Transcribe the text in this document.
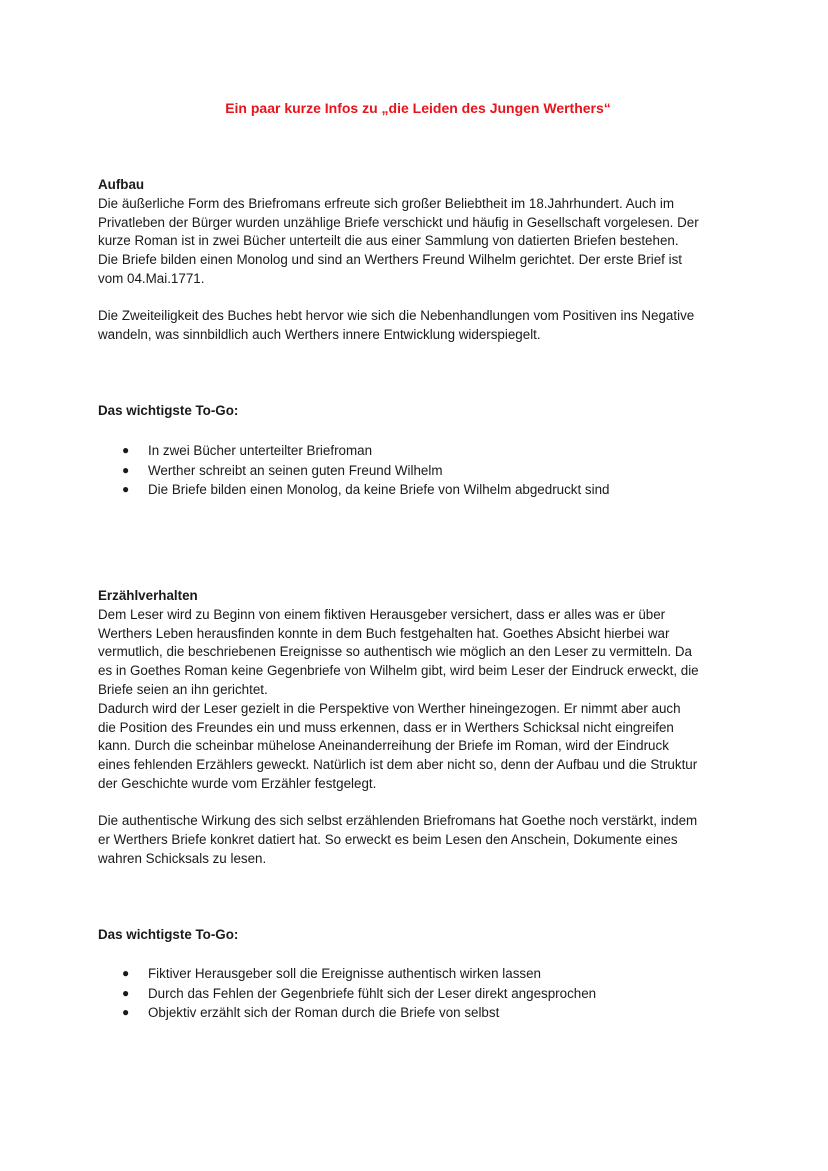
Ein paar kurze Infos zu „die Leiden des Jungen Werthers“

Aufbau

Die äußerliche Form des Briefromans erfreute sich großer Beliebtheit im 18.Jahrhundert. Auch im
Privatleben der Bürger wurden unzählige Briefe verschickt und häufig in Gesellschaft vorgelesen. Der
kurze Roman ist in zwei Bücher unterteilt die aus einer Sammlung von datierten Briefen bestehen.
Die Briefe bilden einen Monolog und sind an Werthers Freund Wilhelm gerichtet. Der erste Brief ist
vom 04.Mai.1771.
Die Zweiteiligkeit des Buches hebt hervor wie sich die Nebenhandlungen vom Positiven ins Negative
wandeln, was sinnbildlich auch Werthers innere Entwicklung widerspiegelt.

Das wichtigste To-Go:

● In zwei Bücher unterteilter Briefroman
● Werther schreibt an seinen guten Freund Wilhelm
● Die Briefe bilden einen Monolog, da keine Briefe von Wilhelm abgedruckt sind

Erzählverhalten

Dem Leser wird zu Beginn von einem fiktiven Herausgeber versichert, dass er alles was er über
Werthers Leben herausfinden konnte in dem Buch festgehalten hat. Goethes Absicht hierbei war
vermutlich, die beschriebenen Ereignisse so authentisch wie möglich an den Leser zu vermitteln. Da
es in Goethes Roman keine Gegenbriefe von Wilhelm gibt, wird beim Leser der Eindruck erweckt, die
Briefe seien an ihn gerichtet.
Dadurch wird der Leser gezielt in die Perspektive von Werther hineingezogen. Er nimmt aber auch
die Position des Freundes ein und muss erkennen, dass er in Werthers Schicksal nicht eingreifen
kann. Durch die scheinbar mühelose Aneinanderreihung der Briefe im Roman, wird der Eindruck
eines fehlenden Erzählers geweckt. Natürlich ist dem aber nicht so, denn der Aufbau und die Struktur
der Geschichte wurde vom Erzähler festgelegt.
Die authentische Wirkung des sich selbst erzählenden Briefromans hat Goethe noch verstärkt, indem
er Werthers Briefe konkret datiert hat. So erweckt es beim Lesen den Anschein, Dokumente eines
wahren Schicksals zu lesen.

Das wichtigste To-Go:

● Fiktiver Herausgeber soll die Ereignisse authentisch wirken lassen
● Durch das Fehlen der Gegenbriefe fühlt sich der Leser direkt angesprochen
● Objektiv erzählt sich der Roman durch die Briefe von selbst
